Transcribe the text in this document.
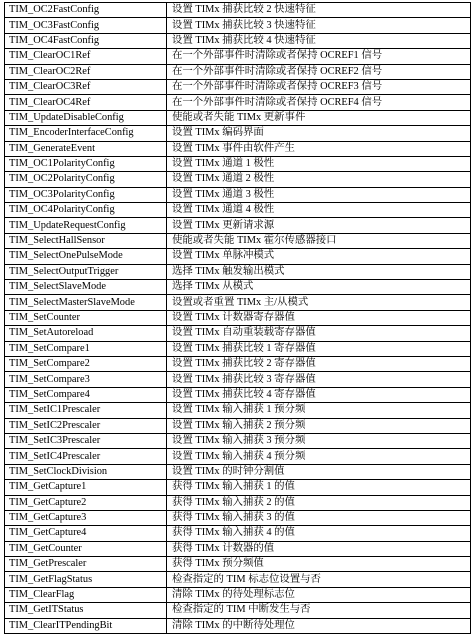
TIM_OC2FastConfig	设置 TIMx 捕获比较 2 快速特征
TIM_OC3FastConfig	设置 TIMx 捕获比较 3 快速特征
TIM_OC4FastConfig	设置 TIMx 捕获比较 4 快速特征
TIM_ClearOC1Ref	在一个外部事件时清除或者保持 OCREF1 信号
TIM_ClearOC2Ref	在一个外部事件时清除或者保持 OCREF2 信号
TIM_ClearOC3Ref	在一个外部事件时清除或者保持 OCREF3 信号
TIM_ClearOC4Ref	在一个外部事件时清除或者保持 OCREF4 信号
TIM_UpdateDisableConfig	使能或者失能 TIMx 更新事件
TIM_EncoderInterfaceConfig	设置 TIMx 编码界面
TIM_GenerateEvent	设置 TIMx 事件由软件产生
TIM_OC1PolarityConfig	设置 TIMx 通道 1 极性
TIM_OC2PolarityConfig	设置 TIMx 通道 2 极性
TIM_OC3PolarityConfig	设置 TIMx 通道 3 极性
TIM_OC4PolarityConfig	设置 TIMx 通道 4 极性
TIM_UpdateRequestConfig	设置 TIMx 更新请求源
TIM_SelectHallSensor	使能或者失能 TIMx 霍尔传感器接口
TIM_SelectOnePulseMode	设置 TIMx 单脉冲模式
TIM_SelectOutputTrigger	选择 TIMx 触发输出模式
TIM_SelectSlaveMode	选择 TIMx 从模式
TIM_SelectMasterSlaveMode	设置或者重置 TIMx 主/从模式
TIM_SetCounter	设置 TIMx 计数器寄存器值
TIM_SetAutoreload	设置 TIMx 自动重装载寄存器值
TIM_SetCompare1	设置 TIMx 捕获比较 1 寄存器值
TIM_SetCompare2	设置 TIMx 捕获比较 2 寄存器值
TIM_SetCompare3	设置 TIMx 捕获比较 3 寄存器值
TIM_SetCompare4	设置 TIMx 捕获比较 4 寄存器值
TIM_SetIC1Prescaler	设置 TIMx 输入捕获 1 预分频
TIM_SetIC2Prescaler	设置 TIMx 输入捕获 2 预分频
TIM_SetIC3Prescaler	设置 TIMx 输入捕获 3 预分频
TIM_SetIC4Prescaler	设置 TIMx 输入捕获 4 预分频
TIM_SetClockDivision	设置 TIMx 的时钟分割值
TIM_GetCapture1	获得 TIMx 输入捕获 1 的值
TIM_GetCapture2	获得 TIMx 输入捕获 2 的值
TIM_GetCapture3	获得 TIMx 输入捕获 3 的值
TIM_GetCapture4	获得 TIMx 输入捕获 4 的值
TIM_GetCounter	获得 TIMx 计数器的值
TIM_GetPrescaler	获得 TIMx 预分频值
TIM_GetFlagStatus	检查指定的 TIM 标志位设置与否
TIM_ClearFlag	清除 TIMx 的待处理标志位
TIM_GetITStatus	检查指定的 TIM 中断发生与否
TIM_ClearITPendingBit	清除 TIMx 的中断待处理位
